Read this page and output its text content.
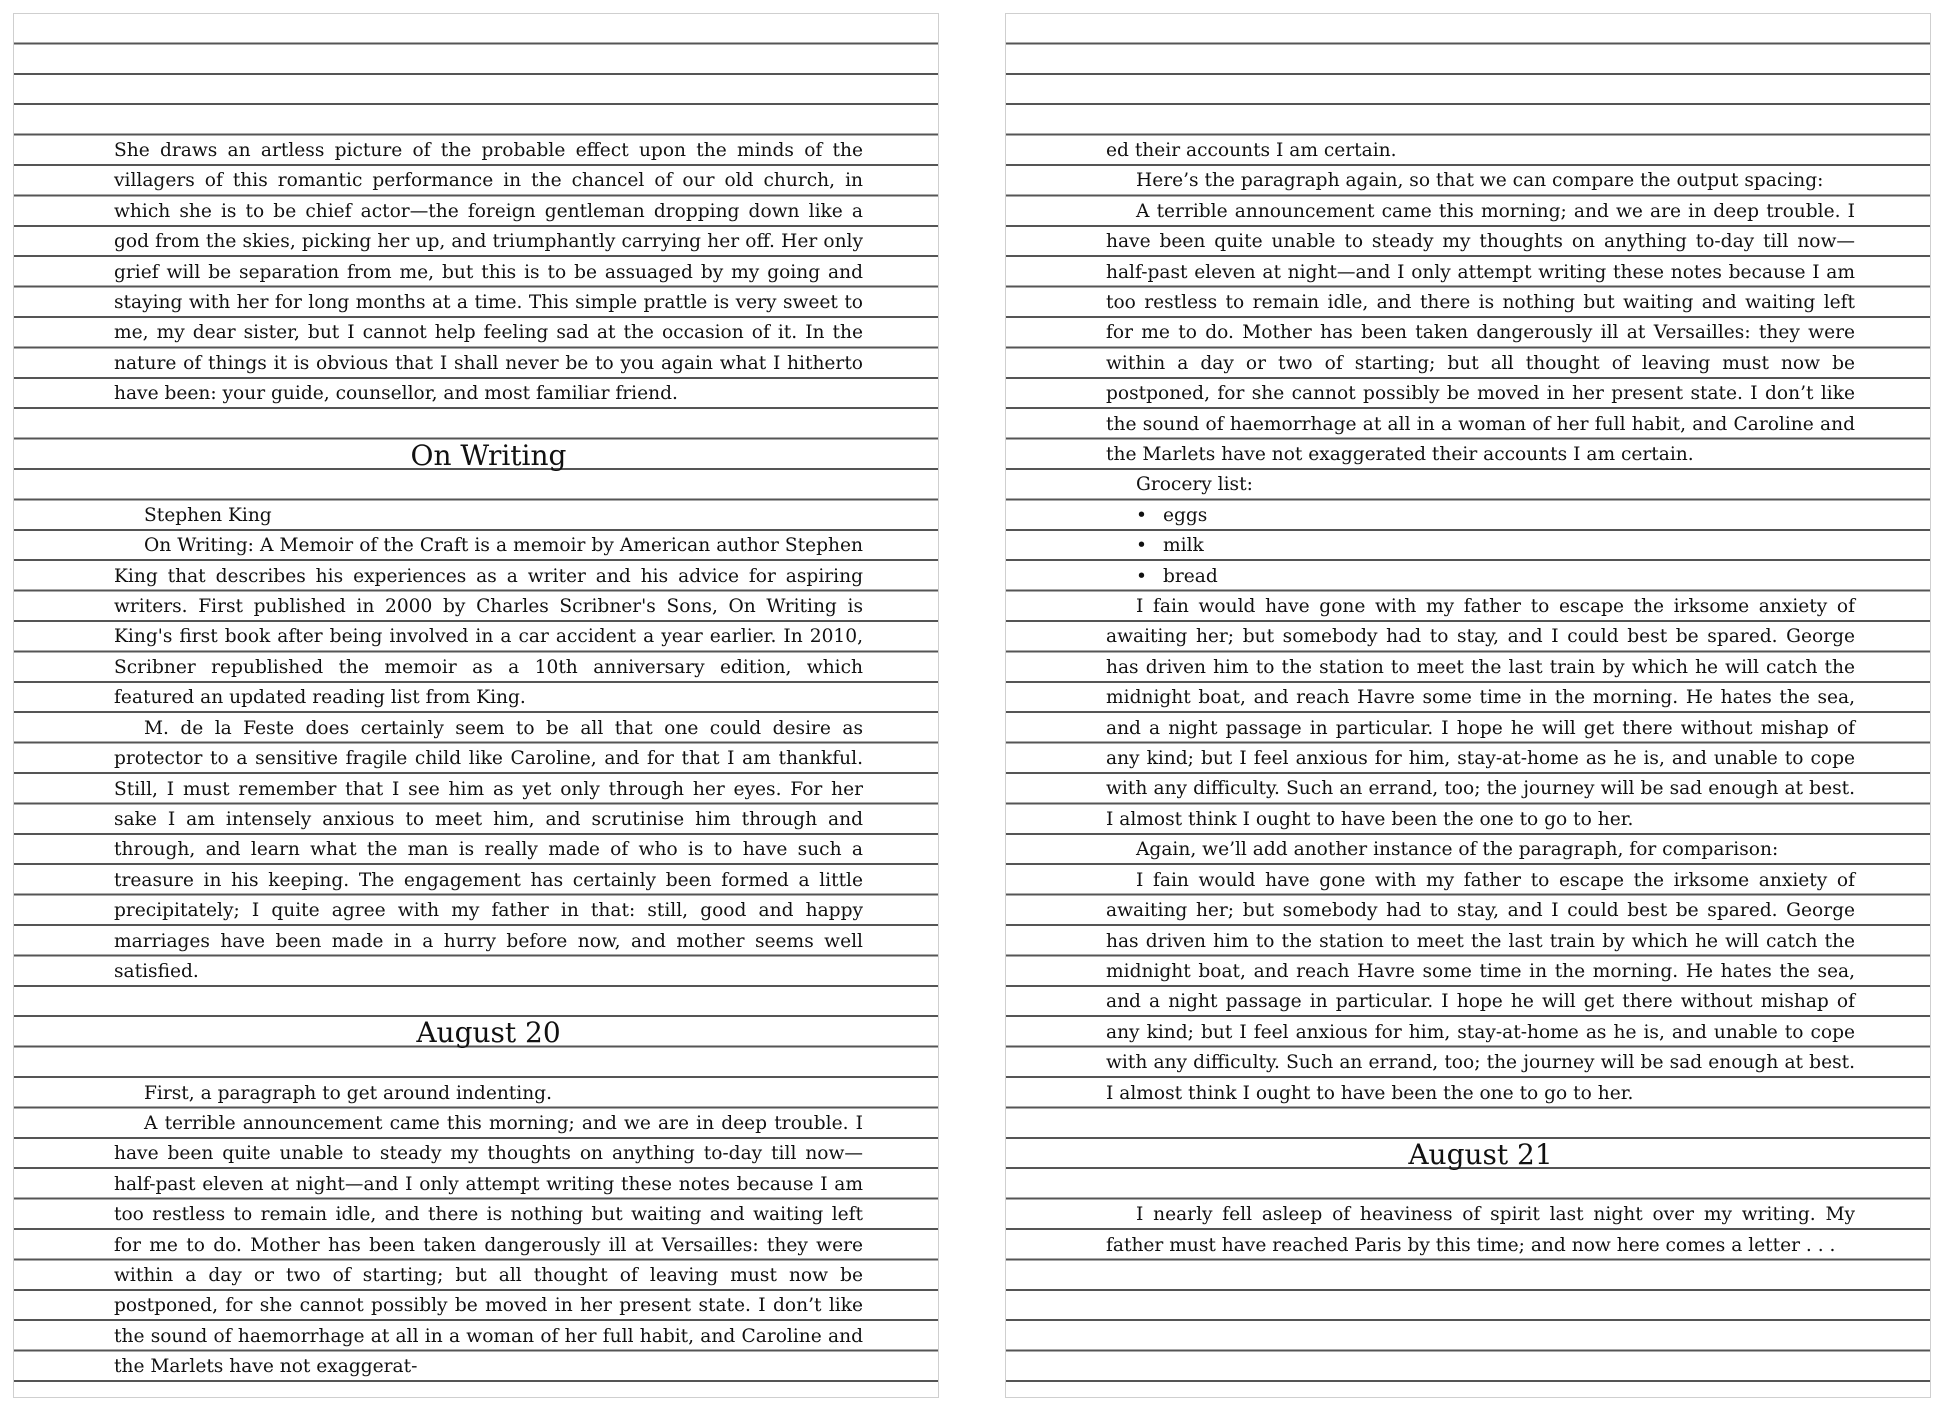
She draws an artless picture of the probable effect upon the minds of the villagers of this romantic performance in the chancel of our old church, in which she is to be chief actor—the foreign gentleman dropping down like a god from the skies, picking her up, and triumphantly carrying her off. Her only grief will be separation from me, but this is to be assuaged by my going and staying with her for long months at a time. This simple prattle is very sweet to me, my dear sister, but I cannot help feeling sad at the occasion of it. In the nature of things it is obvious that I shall never be to you again what I hitherto have been: your guide, counsellor, and most familiar friend.

On Writing

Stephen King

On Writing: A Memoir of the Craft is a memoir by American author Stephen King that describes his experiences as a writer and his advice for aspiring writers. First published in 2000 by Charles Scribner's Sons, On Writing is King's first book after being involved in a car accident a year earlier. In 2010, Scribner republished the memoir as a 10th anniversary edition, which featured an updated reading list from King.

M. de la Feste does certainly seem to be all that one could desire as protector to a sensitive fragile child like Caroline, and for that I am thankful. Still, I must remember that I see him as yet only through her eyes. For her sake I am intensely anxious to meet him, and scrutinise him through and through, and learn what the man is really made of who is to have such a treasure in his keeping. The engagement has certainly been formed a little precipitately; I quite agree with my father in that: still, good and happy marriages have been made in a hurry before now, and mother seems well satisfied.

August 20

First, a paragraph to get around indenting.

A terrible announcement came this morning; and we are in deep trouble. I have been quite unable to steady my thoughts on anything to-day till now—half-past eleven at night—and I only attempt writing these notes because I am too restless to remain idle, and there is nothing but waiting and waiting left for me to do. Mother has been taken dangerously ill at Versailles: they were within a day or two of starting; but all thought of leaving must now be postponed, for she cannot possibly be moved in her present state. I don’t like the sound of haemorrhage at all in a woman of her full habit, and Caroline and the Marlets have not exaggerat-

ed their accounts I am certain.

Here’s the paragraph again, so that we can compare the output spacing:

A terrible announcement came this morning; and we are in deep trouble. I have been quite unable to steady my thoughts on anything to-day till now—half-past eleven at night—and I only attempt writing these notes because I am too restless to remain idle, and there is nothing but waiting and waiting left for me to do. Mother has been taken dangerously ill at Versailles: they were within a day or two of starting; but all thought of leaving must now be postponed, for she cannot possibly be moved in her present state. I don’t like the sound of haemorrhage at all in a woman of her full habit, and Caroline and the Marlets have not exaggerated their accounts I am certain.

Grocery list:

• eggs
• milk
• bread

I fain would have gone with my father to escape the irksome anxiety of awaiting her; but somebody had to stay, and I could best be spared. George has driven him to the station to meet the last train by which he will catch the midnight boat, and reach Havre some time in the morning. He hates the sea, and a night passage in particular. I hope he will get there without mishap of any kind; but I feel anxious for him, stay-at-home as he is, and unable to cope with any difficulty. Such an errand, too; the journey will be sad enough at best. I almost think I ought to have been the one to go to her.

Again, we’ll add another instance of the paragraph, for comparison:

I fain would have gone with my father to escape the irksome anxiety of awaiting her; but somebody had to stay, and I could best be spared. George has driven him to the station to meet the last train by which he will catch the midnight boat, and reach Havre some time in the morning. He hates the sea, and a night passage in particular. I hope he will get there without mishap of any kind; but I feel anxious for him, stay-at-home as he is, and unable to cope with any difficulty. Such an errand, too; the journey will be sad enough at best. I almost think I ought to have been the one to go to her.

August 21

I nearly fell asleep of heaviness of spirit last night over my writing. My father must have reached Paris by this time; and now here comes a letter . . .
